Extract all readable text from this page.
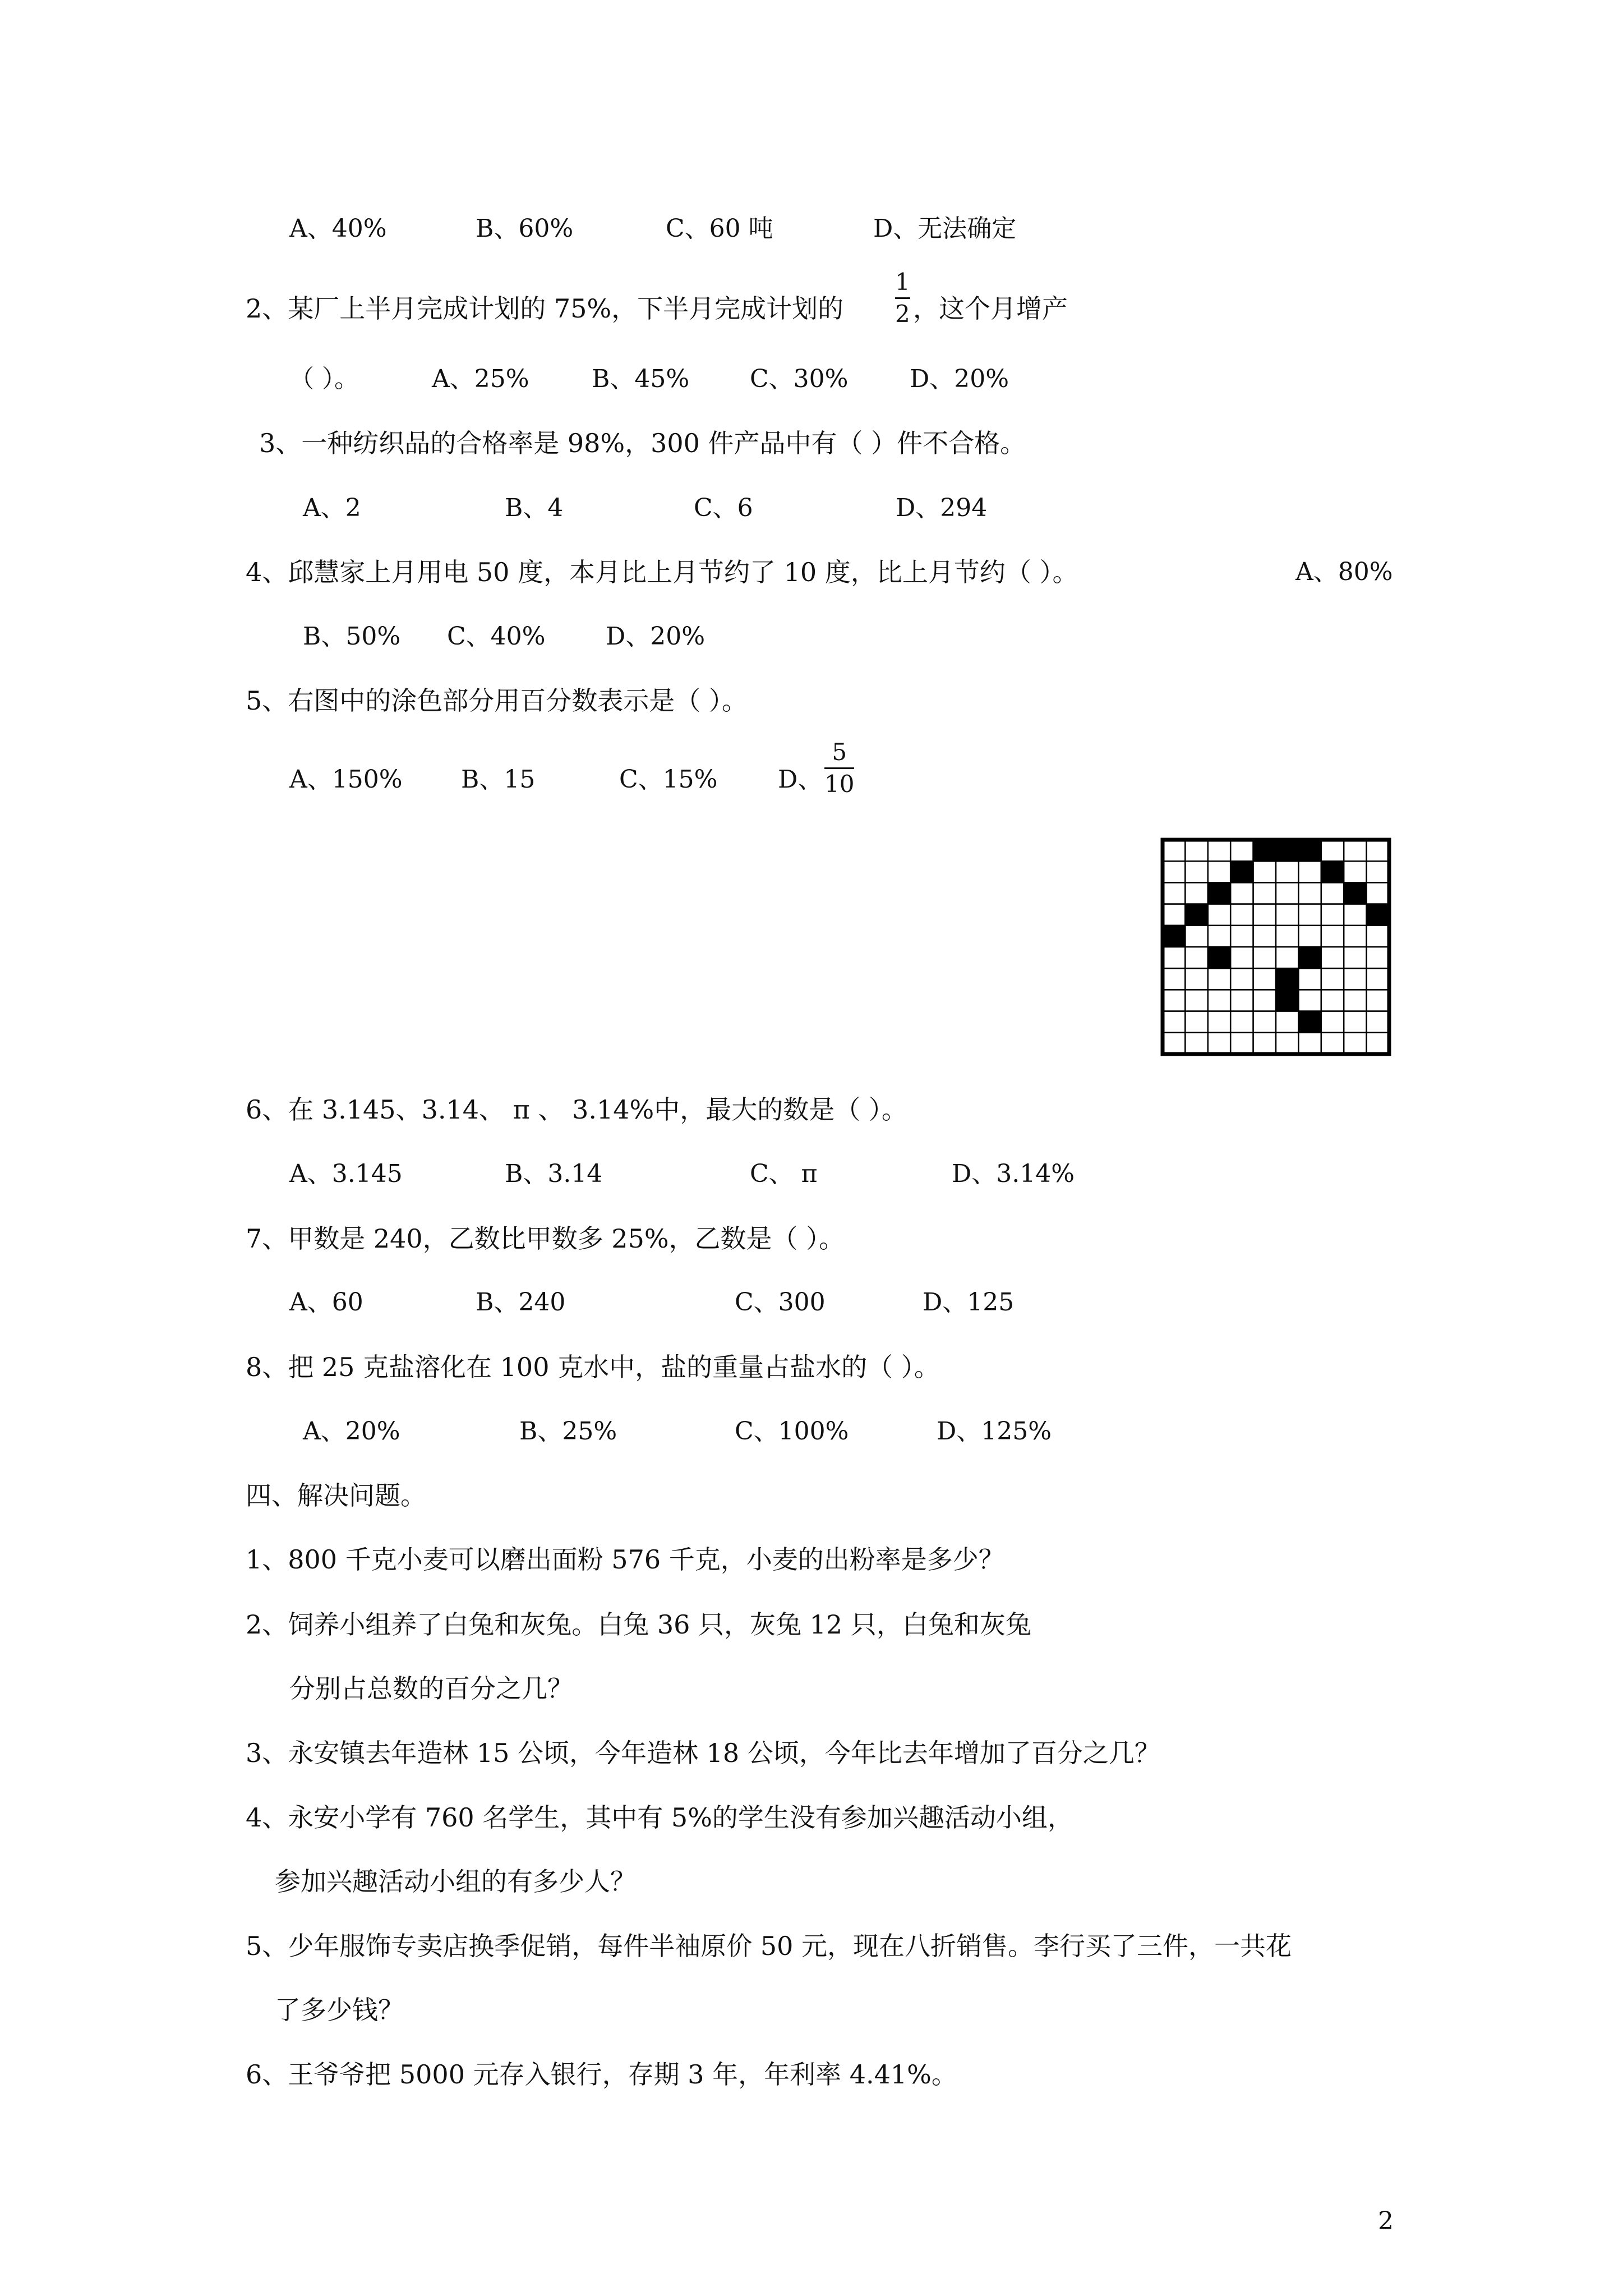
A、40%	B、60%	C、60 吨	D、无法确定
2、某厂上半月完成计划的 75%，下半月完成计划的
1
2 ，这个月增产
（ ）。	A、25%	B、45% C、30% D、20%
3、一种纺织品的合格率是 98%，300 件产品中有（ ）件不合格。
A、2	B、4	C、6	D、294
4、邱慧家上月用电 50 度，本月比上月节约了 10 度，比上月节约（ ）。	A、80%
B、50% C、40% D、20%
5、右图中的涂色部分用百分数表示是（ ）。
A、150% B、15	C、15% D、
5
10
6、在 3.145、3.14、 π 、 3.14%中，最大的数是（ ）。
A、3.145	B、3.14	C、 π	D、3.14%
7、甲数是 240，乙数比甲数多 25%，乙数是（ ）。
A、60	B、240	C、300	D、125
8、把 25 克盐溶化在 100 克水中，盐的重量占盐水的（ ）。
A、20%	B、25%	C、100%	D、125%
四、解决问题。
1、800 千克小麦可以磨出面粉 576 千克，小麦的出粉率是多少？
2、饲养小组养了白兔和灰兔。白兔 36 只，灰兔 12 只，白兔和灰兔
分别占总数的百分之几？
3、永安镇去年造林 15 公顷，今年造林 18 公顷，今年比去年增加了百分之几？
4、永安小学有 760 名学生，其中有 5%的学生没有参加兴趣活动小组，
参加兴趣活动小组的有多少人？
5、少年服饰专卖店换季促销，每件半袖原价 50 元，现在八折销售。李行买了三件，一共花
了多少钱？
6、王爷爷把 5000 元存入银行，存期 3 年，年利率 4.41%。
2
